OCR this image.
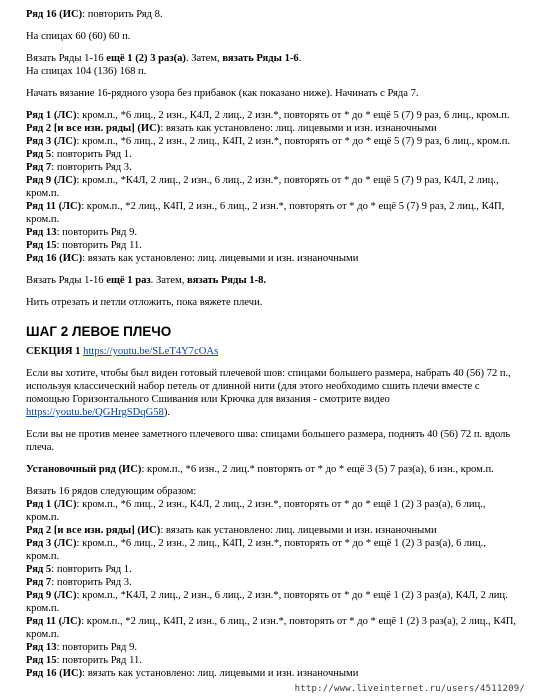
Ряд 16 (ИС): повторить Ряд 8.

На спицах 60 (60) 60 п.

Вязать Ряды 1-16 ещё 1 (2) 3 раз(а). Затем, вязать Ряды 1-6.

На спицах 104 (136) 168 п.

Начать вязание 16-рядного узора без прибавок (как показано ниже). Начинать с Ряда 7.

Ряд 1 (ЛС): кром.п., *6 лиц., 2 изн., К4Л, 2 лиц., 2 изн.*, повторять от * до * ещё 5 (7) 9 раз, 6 лиц., кром.п.

Ряд 2 [и все изн. ряды] (ИС): вязать как установлено: лиц. лицевыми и изн. изнаночными

Ряд 3 (ЛС): кром.п., *6 лиц., 2 изн., 2 лиц., К4П, 2 изн.*, повторять от * до * ещё 5 (7) 9 раз, 6 лиц., кром.п.

Ряд 5: повторить Ряд 1.

Ряд 7: повторить Ряд 3.

Ряд 9 (ЛС): кром.п., *К4Л, 2 лиц., 2 изн., 6 лиц., 2 изн.*, повторять от * до * ещё 5 (7) 9 раз, К4Л, 2 лиц., кром.п.

Ряд 11 (ЛС): кром.п., *2 лиц., К4П, 2 изн., 6 лиц., 2 изн.*, повторять от * до * ещё 5 (7) 9 раз, 2 лиц., К4П, кром.п.

Ряд 13: повторить Ряд 9.

Ряд 15: повторить Ряд 11.

Ряд 16 (ИС): вязать как установлено: лиц. лицевыми и изн. изнаночными

Вязать Ряды 1-16 ещё 1 раз. Затем, вязать Ряды 1-8.

Нить отрезать и петли отложить, пока вяжете плечи.

ШАГ 2 ЛЕВОЕ ПЛЕЧО

СЕКЦИЯ 1 https://youtu.be/SLeT4Y7cOAs

Если вы хотите, чтобы был виден готовый плечевой шов: спицами большего размера, набрать 40 (56) 72 п., используя классический набор петель от длинной нити (для этого необходимо сшить плечи вместе с помощью Горизонтального Сшивания или Крючка для вязания - смотрите видео https://youtu.be/QGHrgSDqG58).

Если вы не против менее заметного плечевого шва: спицами большего размера, поднять 40 (56) 72 п. вдоль плеча.

Установочный ряд (ИС): кром.п., *6 изн., 2 лиц.* повторять от * до * ещё 3 (5) 7 раз(а), 6 изн., кром.п.

Вязать 16 рядов следующим образом:

Ряд 1 (ЛС): кром.п., *6 лиц., 2 изн., К4Л, 2 лиц., 2 изн.*, повторять от * до * ещё 1 (2) 3 раз(а), 6 лиц., кром.п.

Ряд 2 [и все изн. ряды] (ИС): вязать как установлено: лиц. лицевыми и изн. изнаночными

Ряд 3 (ЛС): кром.п., *6 лиц., 2 изн., 2 лиц., К4П, 2 изн.*, повторять от * до * ещё 1 (2) 3 раз(а), 6 лиц., кром.п.

Ряд 5: повторить Ряд 1.

Ряд 7: повторить Ряд 3.

Ряд 9 (ЛС): кром.п., *К4Л, 2 лиц., 2 изн., 6 лиц., 2 изн.*, повторять от * до * ещё 1 (2) 3 раз(а), К4Л, 2 лиц. кром.п.

Ряд 11 (ЛС): кром.п., *2 лиц., К4П, 2 изн., 6 лиц., 2 изн.*, повторять от * до * ещё 1 (2) 3 раз(а), 2 лиц., К4П, кром.п.

Ряд 13: повторить Ряд 9.

Ряд 15: повторить Ряд 11.

Ряд 16 (ИС): вязать как установлено: лиц. лицевыми и изн. изнаночными

http://www.liveinternet.ru/users/4511209/
